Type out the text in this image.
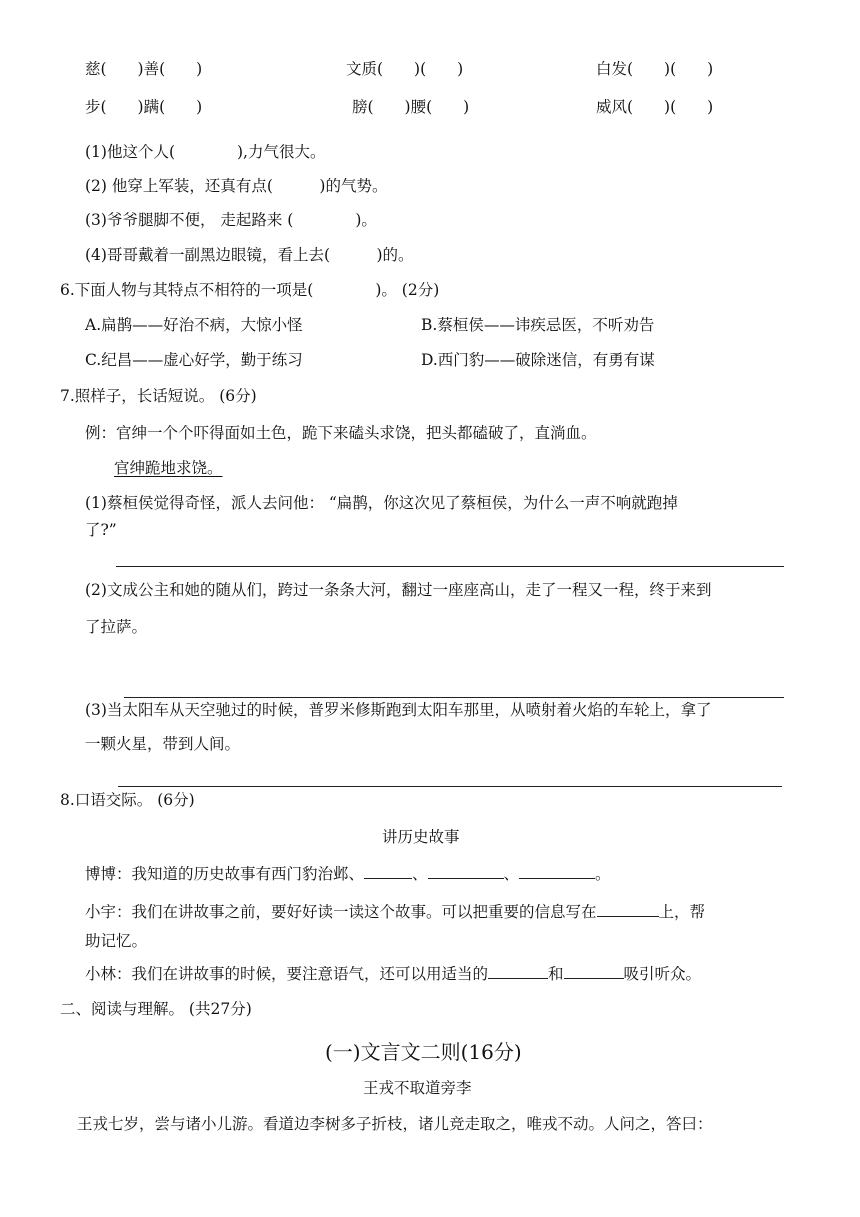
慈(　　)善(　　)	文质(　　)(　　)	白发(　　)(　　)
步(　　)蹒(　　)	膀(　　)腰(　　)	威风(　　)(　　)
(1)他这个人(　　　　),力气很大。
(2) 他穿上军装，还真有点(　　　)的气势。
(3)爷爷腿脚不便， 走起路来 (　　　　)。
(4)哥哥戴着一副黑边眼镜，看上去(　　　)的。
6.下面人物与其特点不相符的一项是(　　　　)。 (2分)
A.扁鹊——好治不病，大惊小怪	B.蔡桓侯——讳疾忌医，不听劝告
C.纪昌——虚心好学，勤于练习	D.西门豹——破除迷信，有勇有谋
7.照样子，长话短说。 (6分)
例：官绅一个个吓得面如土色，跪下来磕头求饶，把头都磕破了，直淌血。
官绅跪地求饶。
(1)蔡桓侯觉得奇怪，派人去问他： “扁鹊，你这次见了蔡桓侯，为什么一声不响就跑掉
了?”
(2)文成公主和她的随从们，跨过一条条大河，翻过一座座高山，走了一程又一程，终于来到
了拉萨。
(3)当太阳车从天空驰过的时候，普罗米修斯跑到太阳车那里，从喷射着火焰的车轮上，拿了
一颗火星，带到人间。
8.口语交际。 (6分)
讲历史故事
博博：我知道的历史故事有西门豹治邺、	、	、	。
小宇：我们在讲故事之前，要好好读一读这个故事。可以把重要的信息写在	上，帮
助记忆。
小林：我们在讲故事的时候，要注意语气，还可以用适当的	和	吸引听众。
二、阅读与理解。 (共27分)
(一)文言文二则(16分)
王戎不取道旁李
王戎七岁，尝与诸小儿游。看道边李树多子折枝，诸儿竞走取之，唯戎不动。人问之，答曰：
